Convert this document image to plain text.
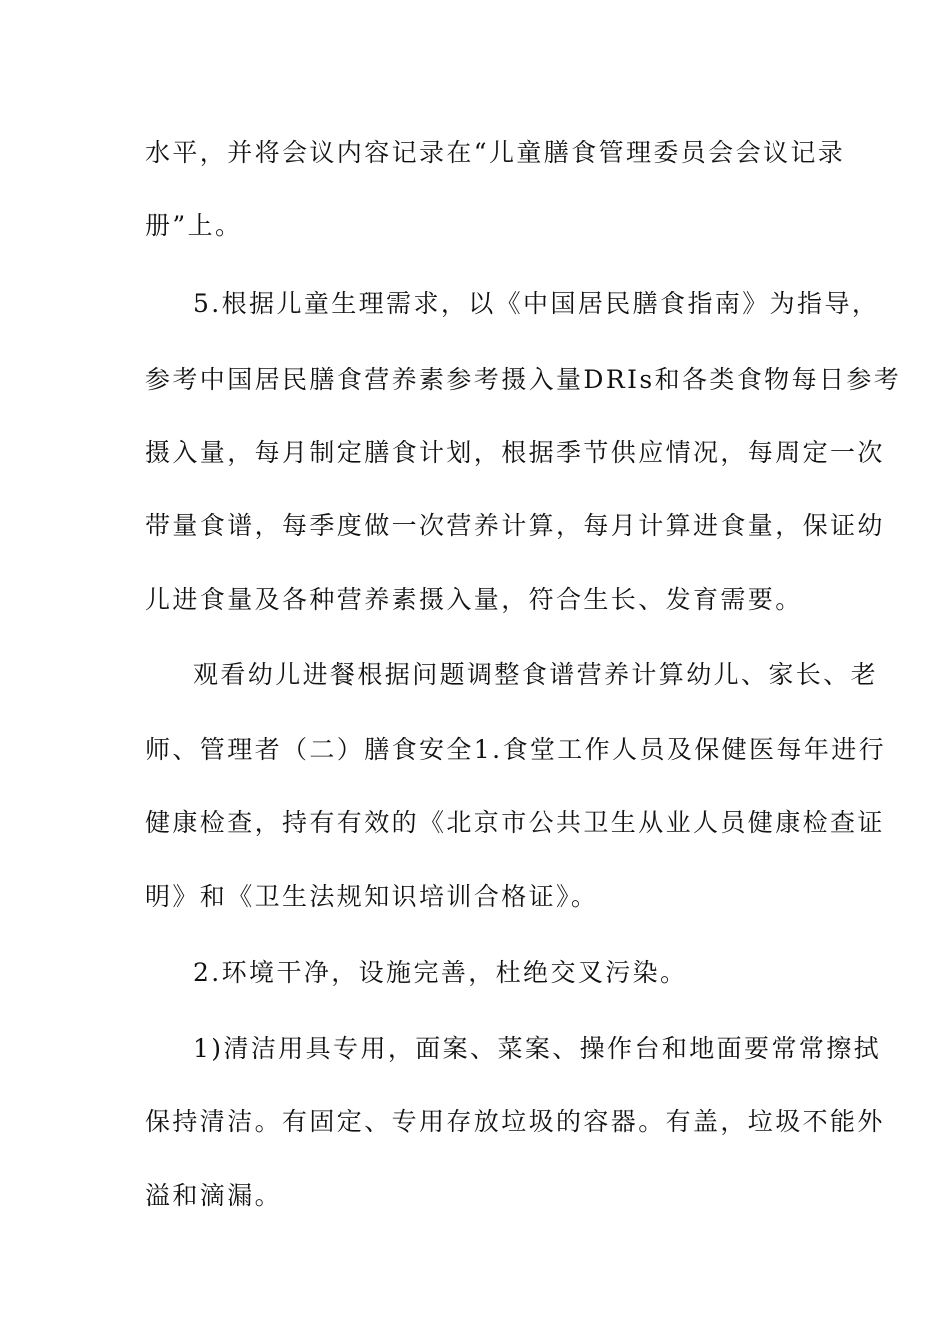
水平，并将会议内容记录在“儿童膳食管理委员会会议记录
册”上。
5.根据儿童生理需求，以《中国居民膳食指南》为指导，
参考中国居民膳食营养素参考摄入量DRIs和各类食物每日参考
摄入量，每月制定膳食计划，根据季节供应情况，每周定一次
带量食谱，每季度做一次营养计算，每月计算进食量，保证幼
儿进食量及各种营养素摄入量，符合生长、发育需要。
观看幼儿进餐根据问题调整食谱营养计算幼儿、家长、老
师、管理者（二）膳食安全1.食堂工作人员及保健医每年进行
健康检查，持有有效的《北京市公共卫生从业人员健康检查证
明》和《卫生法规知识培训合格证》。
2.环境干净，设施完善，杜绝交叉污染。
1)清洁用具专用，面案、菜案、操作台和地面要常常擦拭
保持清洁。有固定、专用存放垃圾的容器。有盖，垃圾不能外
溢和滴漏。
